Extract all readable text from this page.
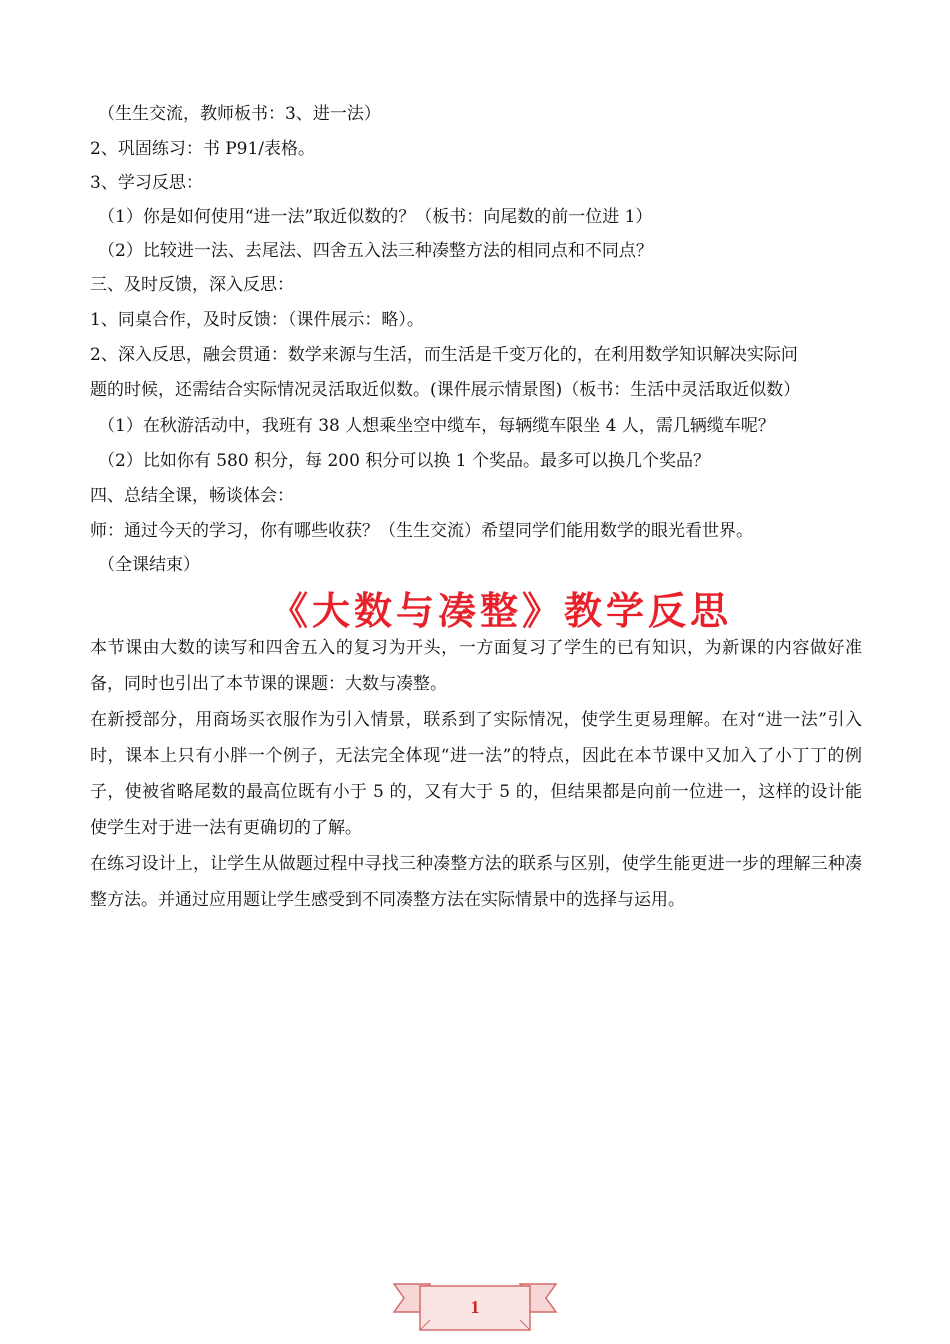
（生生交流，教师板书：3、进一法）
2、巩固练习：书 P91/表格。
3、学习反思：
（1）你是如何使用“进一法”取近似数的？（板书：向尾数的前一位进 1）
（2）比较进一法、去尾法、四舍五入法三种凑整方法的相同点和不同点？
三、及时反馈，深入反思：
1、同桌合作，及时反馈：（课件展示：略）。
2、深入反思，融会贯通：数学来源与生活，而生活是千变万化的，在利用数学知识解决实际问
题的时候，还需结合实际情况灵活取近似数。(课件展示情景图)（板书：生活中灵活取近似数）
（1）在秋游活动中，我班有 38 人想乘坐空中缆车，每辆缆车限坐 4 人，需几辆缆车呢？
（2）比如你有 580 积分，每 200 积分可以换 1 个奖品。最多可以换几个奖品？
四、总结全课，畅谈体会：
师：通过今天的学习，你有哪些收获？（生生交流）希望同学们能用数学的眼光看世界。
（全课结束）
《大数与凑整》教学反思

本节课由大数的读写和四舍五入的复习为开头，一方面复习了学生的已有知识，为新课的内容做好准备，同时也引出了本节课的课题：大数与凑整。

在新授部分，用商场买衣服作为引入情景，联系到了实际情况，使学生更易理解。在对“进一法”引入时，课本上只有小胖一个例子，无法完全体现“进一法”的特点，因此在本节课中又加入了小丁丁的例子，使被省略尾数的最高位既有小于 5 的，又有大于 5 的，但结果都是向前一位进一，这样的设计能使学生对于进一法有更确切的了解。

在练习设计上，让学生从做题过程中寻找三种凑整方法的联系与区别，使学生能更进一步的理解三种凑整方法。并通过应用题让学生感受到不同凑整方法在实际情景中的选择与运用。

1
